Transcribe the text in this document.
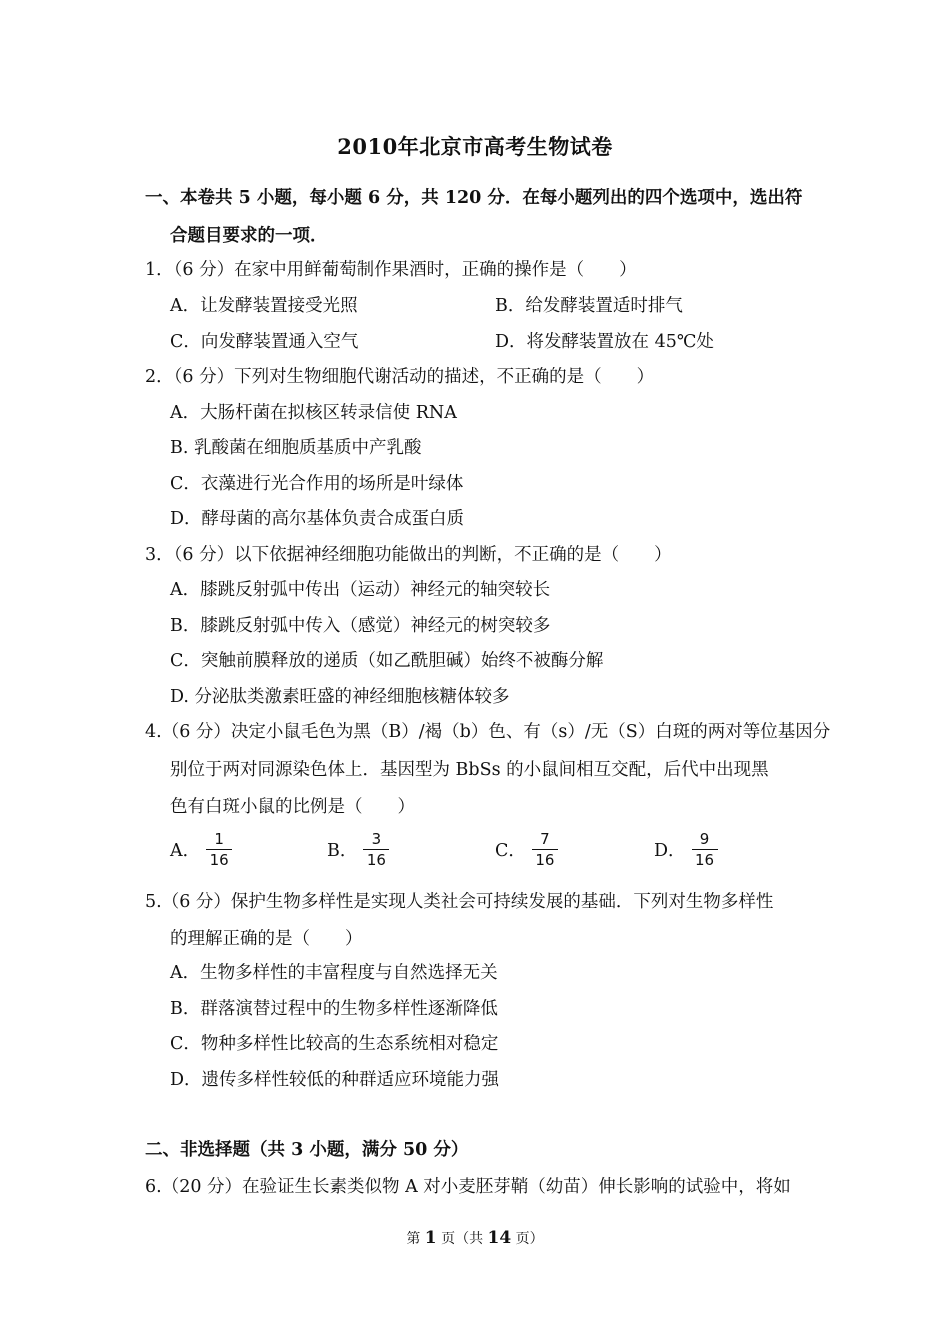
2010年北京市高考生物试卷
一、本卷共 5 小题，每小题 6 分，共 120 分．在每小题列出的四个选项中，选出符
合题目要求的一项．
1．（6 分）在家中用鲜葡萄制作果酒时，正确的操作是（　　）
A．让发酵装置接受光照	B．给发酵装置适时排气
C．向发酵装置通入空气	D．将发酵装置放在 45℃处
2．（6 分）下列对生物细胞代谢活动的描述，不正确的是（　　）
A．大肠杆菌在拟核区转录信使 RNA
B. 乳酸菌在细胞质基质中产乳酸
C．衣藻进行光合作用的场所是叶绿体
D．酵母菌的高尔基体负责合成蛋白质
3．（6 分）以下依据神经细胞功能做出的判断，不正确的是（　　）
A．膝跳反射弧中传出（运动）神经元的轴突较长
B．膝跳反射弧中传入（感觉）神经元的树突较多
C．突触前膜释放的递质（如乙酰胆碱）始终不被酶分解
D. 分泌肽类激素旺盛的神经细胞核糖体较多
4.（6 分）决定小鼠毛色为黑（B）/褐（b）色、有（s）/无（S）白斑的两对等位基因分
别位于两对同源染色体上．基因型为 BbSs 的小鼠间相互交配，后代中出现黑
色有白斑小鼠的比例是（　　）
A． $\frac{1}{16}$	B． $\frac{3}{16}$	C． $\frac{7}{16}$	D． $\frac{9}{16}$
5.（6 分）保护生物多样性是实现人类社会可持续发展的基础．下列对生物多样性
的理解正确的是（　　）
A．生物多样性的丰富程度与自然选择无关
B．群落演替过程中的生物多样性逐渐降低
C．物种多样性比较高的生态系统相对稳定
D．遗传多样性较低的种群适应环境能力强
二、非选择题（共 3 小题，满分 50 分）
6.（20 分）在验证生长素类似物 A 对小麦胚芽鞘（幼苗）伸长影响的试验中，将如
第 1 页（共 14 页）
